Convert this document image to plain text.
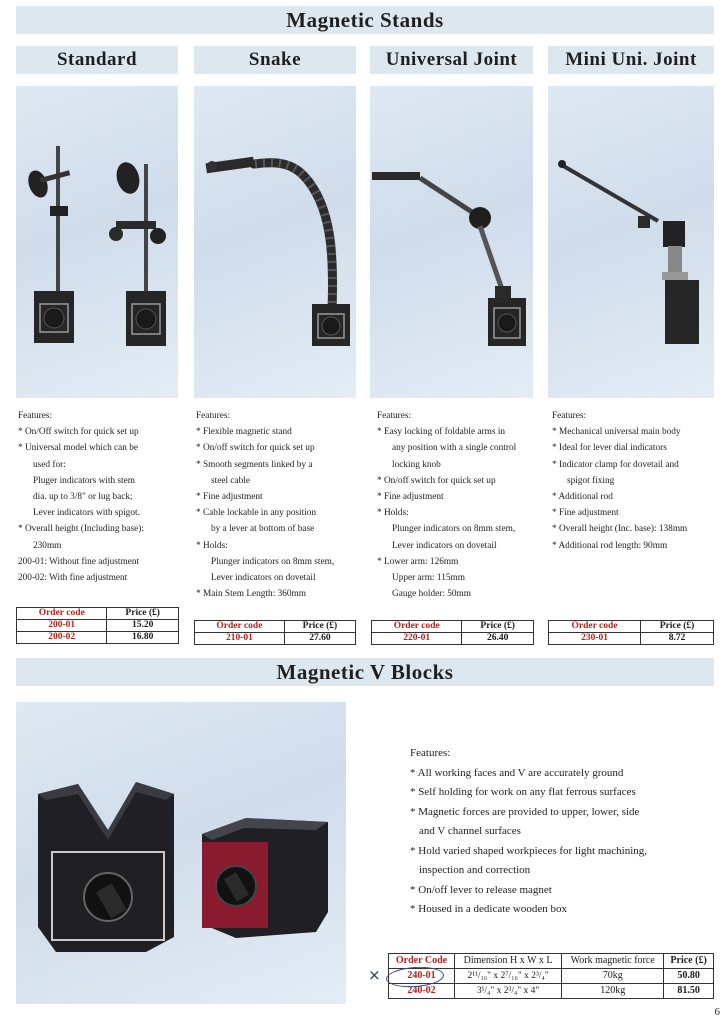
Magnetic Stands
Standard	Snake	Universal Joint	Mini Uni. Joint
Features:
* On/Off switch for quick set up
* Universal model which can be
used for:
Pluger indicators with stem
dia. up to 3/8" or lug back;
Lever indicators with spigot.
* Overall height (Including base):
230mm
200-01: Without fine adjustment
200-02: With fine adjustment
Features:
* Flexible magnetic stand
* On/off switch for quick set up
* Smooth segments linked by a
steel cable
* Fine adjustment
* Cable lockable in any position
by a lever at bottom of base
* Holds:
Plunger indicators on 8mm stem,
Lever indicators on dovetail
* Main Stem Length: 360mm
Features:
* Easy locking of foldable arms in
any position with a single control
locking knob
* On/off switch for quick set up
* Fine adjustment
* Holds:
Plunger indicators on 8mm stem,
Lever indicators on dovetail
* Lower arm: 126mm
Upper arm: 115mm
Gauge holder: 50mm
Features:
* Mechanical universal main body
* Ideal for lever dial indicators
* Indicator clamp for dovetail and
spigot fixing
* Additional rod
* Fine adjustment
* Overall height (Inc. base): 138mm
* Additional rod length: 90mm
Order code	Price (£)
200-01	15.20
200-02	16.80
Order code	Price (£)
210-01	27.60
Order code	Price (£)
220-01	26.40
Order code	Price (£)
230-01	8.72
Magnetic V Blocks
Features:
* All working faces and V are accurately ground
* Self holding for work on any flat ferrous surfaces
* Magnetic forces are provided to upper, lower, side
and V channel surfaces
* Hold varied shaped workpieces for light machining,
inspection and correction
* On/off lever to release magnet
* Housed in a dedicate wooden box
Order Code	Dimension H x W x L	Work magnetic force	Price (£)
240-01	2¹¹/₁₆" x 2⁷/₁₆" x 2³/₄"	70kg	50.80
240-02	3¹/₄" x 2³/₄" x 4"	120kg	81.50
×
6
